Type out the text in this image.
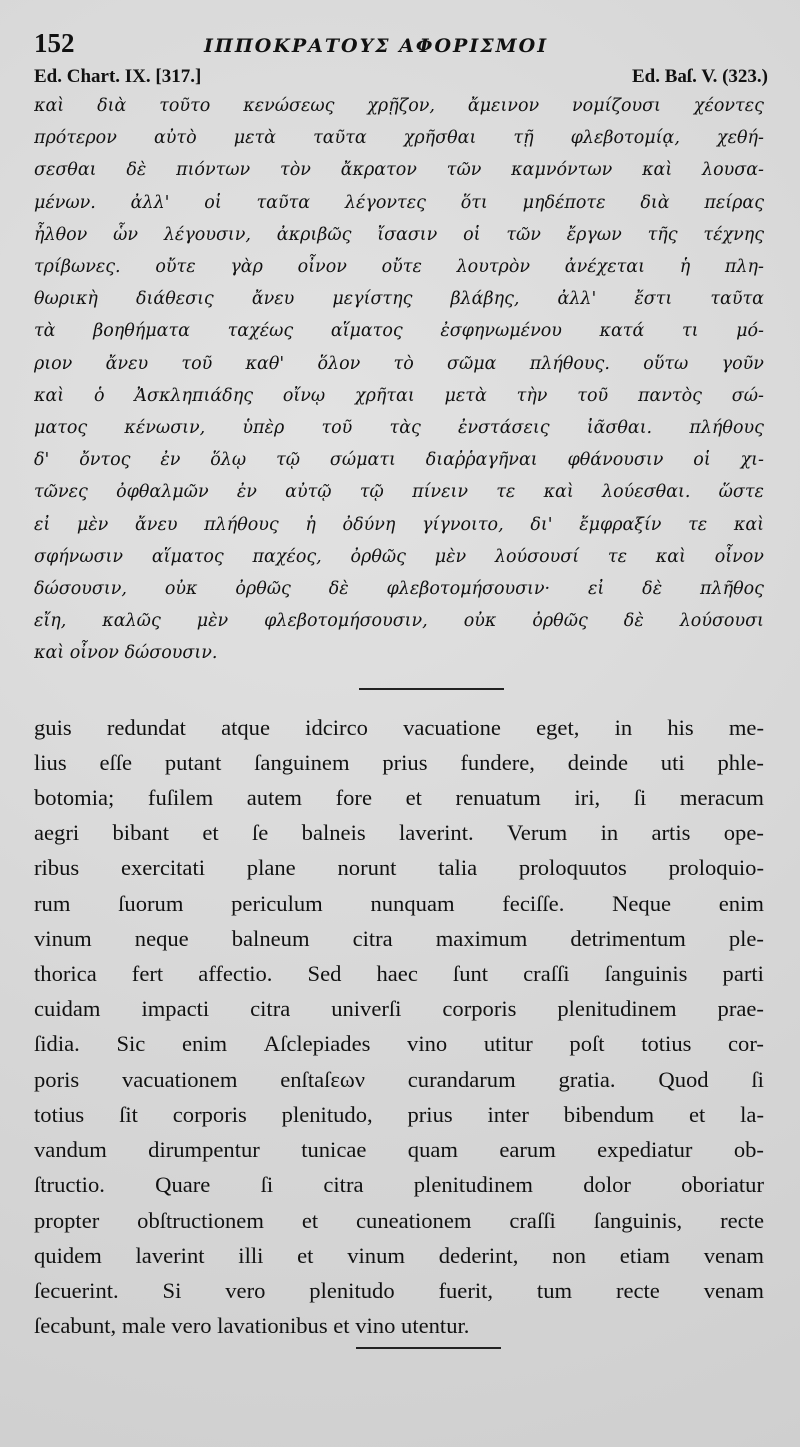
152	ΙΠΠΟΚΡΑΤΟΥΣ ΑΦΟΡΙΣΜΟΙ
Ed. Chart. IX. [317.]	Ed. Baſ. V. (323.)
καὶ διὰ τοῦτο κενώσεως χρῇζον, ἄμεινον νομίζουσι χέοντες
πρότερον αὐτὸ μετὰ ταῦτα χρῆσθαι τῇ φλεβοτομίᾳ, χεθή-
σεσθαι δὲ πιόντων τὸν ἄκρατον τῶν καμνόντων καὶ λουσα-
μένων. ἀλλ' οἱ ταῦτα λέγοντες ὅτι μηδέποτε διὰ πείρας
ἦλθον ὧν λέγουσιν, ἀκριβῶς ἴσασιν οἱ τῶν ἔργων τῆς τέχνης
τρίβωνες. οὔτε γὰρ οἶνον οὔτε λουτρὸν ἀνέχεται ἡ πλη-
θωρικὴ διάθεσις ἄνευ μεγίστης βλάβης, ἀλλ' ἔστι ταῦτα
τὰ βοηθήματα ταχέως αἵματος ἐσφηνωμένου κατά τι μό-
ριον ἄνευ τοῦ καθ' ὅλον τὸ σῶμα πλήθους. οὕτω γοῦν
καὶ ὁ Ἀσκληπιάδης οἴνῳ χρῆται μετὰ τὴν τοῦ παντὸς σώ-
ματος κένωσιν, ὑπὲρ τοῦ τὰς ἐνστάσεις ἰᾶσθαι. πλήθους
δ' ὄντος ἐν ὅλῳ τῷ σώματι διαῤῥαγῆναι φθάνουσιν οἱ χι-
τῶνες ὀφθαλμῶν ἐν αὐτῷ τῷ πίνειν τε καὶ λούεσθαι. ὥστε
εἰ μὲν ἄνευ πλήθους ἡ ὀδύνη γίγνοιτο, δι' ἔμφραξίν τε καὶ
σφήνωσιν αἵματος παχέος, ὀρθῶς μὲν λούσουσί τε καὶ οἶνον
δώσουσιν, οὐκ ὀρθῶς δὲ φλεβοτομήσουσιν· εἰ δὲ πλῆθος
εἴη, καλῶς μὲν φλεβοτομήσουσιν, οὐκ ὀρθῶς δὲ λούσουσι
καὶ οἶνον δώσουσιν.
guis redundat atque idcirco vacuatione eget, in his me-
lius eſſe putant ſanguinem prius fundere, deinde uti phle-
botomia; fuſilem autem fore et renuatum iri, ſi meracum
aegri bibant et ſe balneis laverint. Verum in artis ope-
ribus exercitati plane norunt talia proloquutos proloquio-
rum ſuorum periculum nunquam feciſſe. Neque enim
vinum neque balneum citra maximum detrimentum ple-
thorica fert affectio. Sed haec ſunt craſſi ſanguinis parti
cuidam impacti citra univerſi corporis plenitudinem prae-
ſidia. Sic enim Aſclepiades vino utitur poſt totius cor-
poris vacuationem enſtaſεων curandarum gratia. Quod ſi
totius ſit corporis plenitudo, prius inter bibendum et la-
vandum dirumpentur tunicae quam earum expediatur ob-
ſtructio. Quare ſi citra plenitudinem dolor oboriatur
propter obſtructionem et cuneationem craſſi ſanguinis, recte
quidem laverint illi et vinum dederint, non etiam venam
ſecuerint. Si vero plenitudo fuerit, tum recte venam
ſecabunt, male vero lavationibus et vino utentur.
